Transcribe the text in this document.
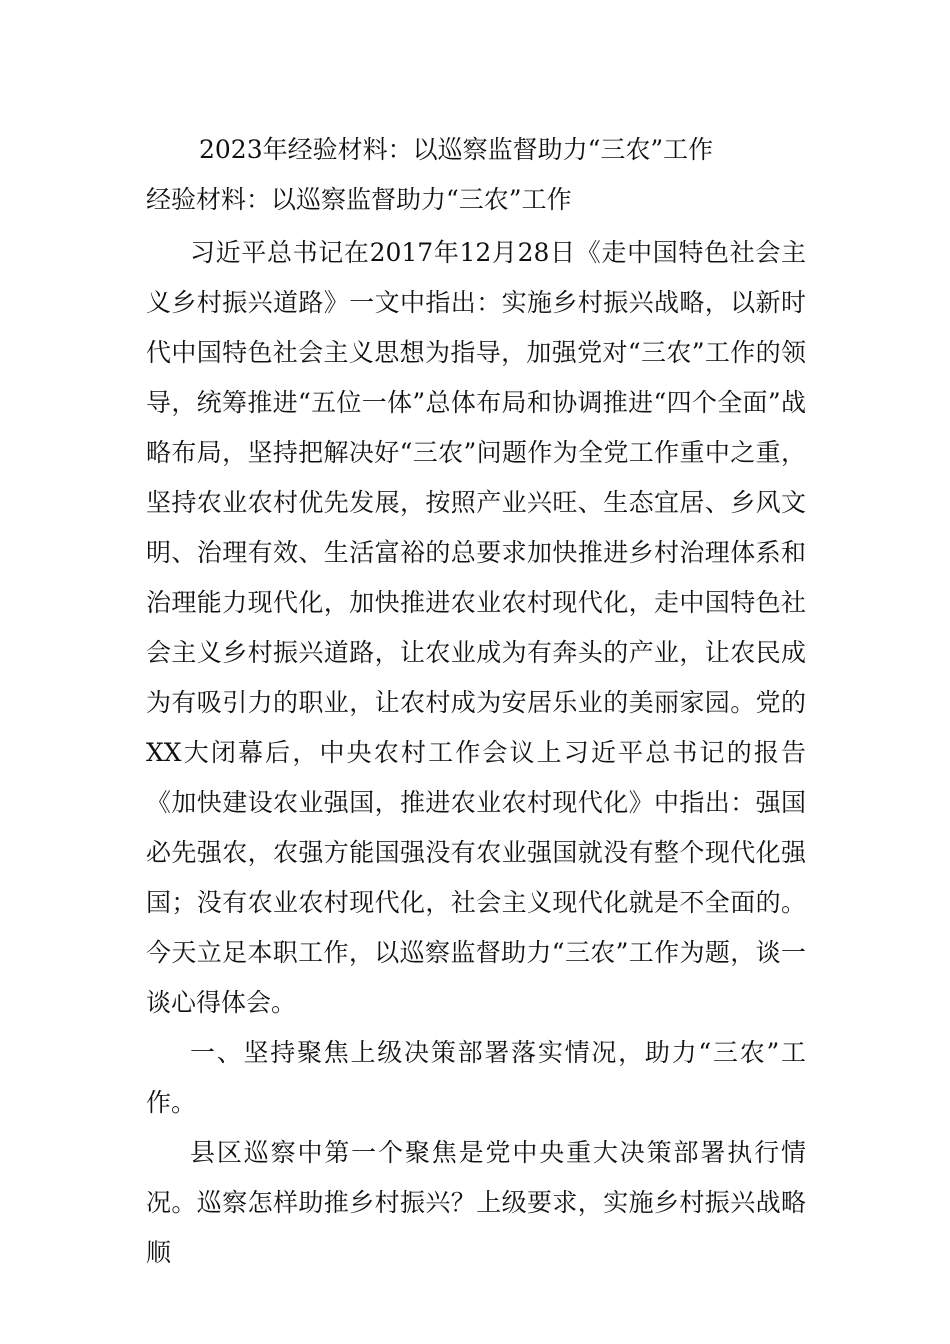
2023年经验材料：以巡察监督助力“三农”工作
经验材料：以巡察监督助力“三农”工作

习近平总书记在2017年12月28日《走中国特色社会主义乡村振兴道路》一文中指出：实施乡村振兴战略，以新时代中国特色社会主义思想为指导，加强党对“三农”工作的领导，统筹推进“五位一体”总体布局和协调推进“四个全面”战略布局，坚持把解决好“三农”问题作为全党工作重中之重，坚持农业农村优先发展，按照产业兴旺、生态宜居、乡风文明、治理有效、生活富裕的总要求加快推进乡村治理体系和治理能力现代化，加快推进农业农村现代化，走中国特色社会主义乡村振兴道路，让农业成为有奔头的产业，让农民成为有吸引力的职业，让农村成为安居乐业的美丽家园。党的XX大闭幕后，中央农村工作会议上习近平总书记的报告《加快建设农业强国，推进农业农村现代化》中指出：强国必先强农，农强方能国强没有农业强国就没有整个现代化强国；没有农业农村现代化，社会主义现代化就是不全面的。今天立足本职工作，以巡察监督助力“三农”工作为题，谈一谈心得体会。

一、坚持聚焦上级决策部署落实情况，助力“三农”工作。

县区巡察中第一个聚焦是党中央重大决策部署执行情况。巡察怎样助推乡村振兴？上级要求，实施乡村振兴战略顺
